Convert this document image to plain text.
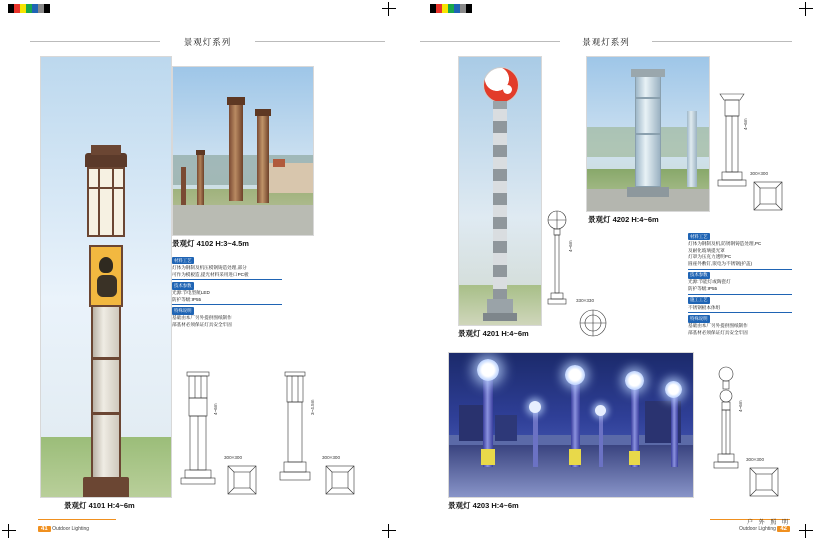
景观灯系列
景观灯 4101 H:4~6m
景观灯 4102 H:3~4.5m
材料工艺
灯体为钢制及机压模钢铸造处理,部分
可作为模板造,提光材料采用进口PC板
技术参数
光源:节电型航LED
防护等级:IP55
特殊说明
基础由本厂另外提供图纸制作
部基材必须保证灯具安全牢固
4~6m
300×300
3~4.5m
300×300
41 Outdoor Lighting
景观灯系列
景观灯 4201 H:4~6m
景观灯 4202 H:4~6m
4~6m
300×300
材料工艺
灯体为钢制及机,防锈钢铸造处理,PC
及耐化玻璃提光罩
灯罩为压克力透明PC
圆座外敷钉,嵌电为不锈钢(护盖)
技术参数
光源:节能灯或陶瓷灯
防护等级:IP55
施工工艺
不锈钢板本体组
特殊说明
基础由本厂另外提供图纸制作
部基材必须保证灯具安全牢固
4~6m
330×330
景观灯 4203 H:4~6m
4~6m
300×300
户 外 照 明
Outdoor Lighting 42
